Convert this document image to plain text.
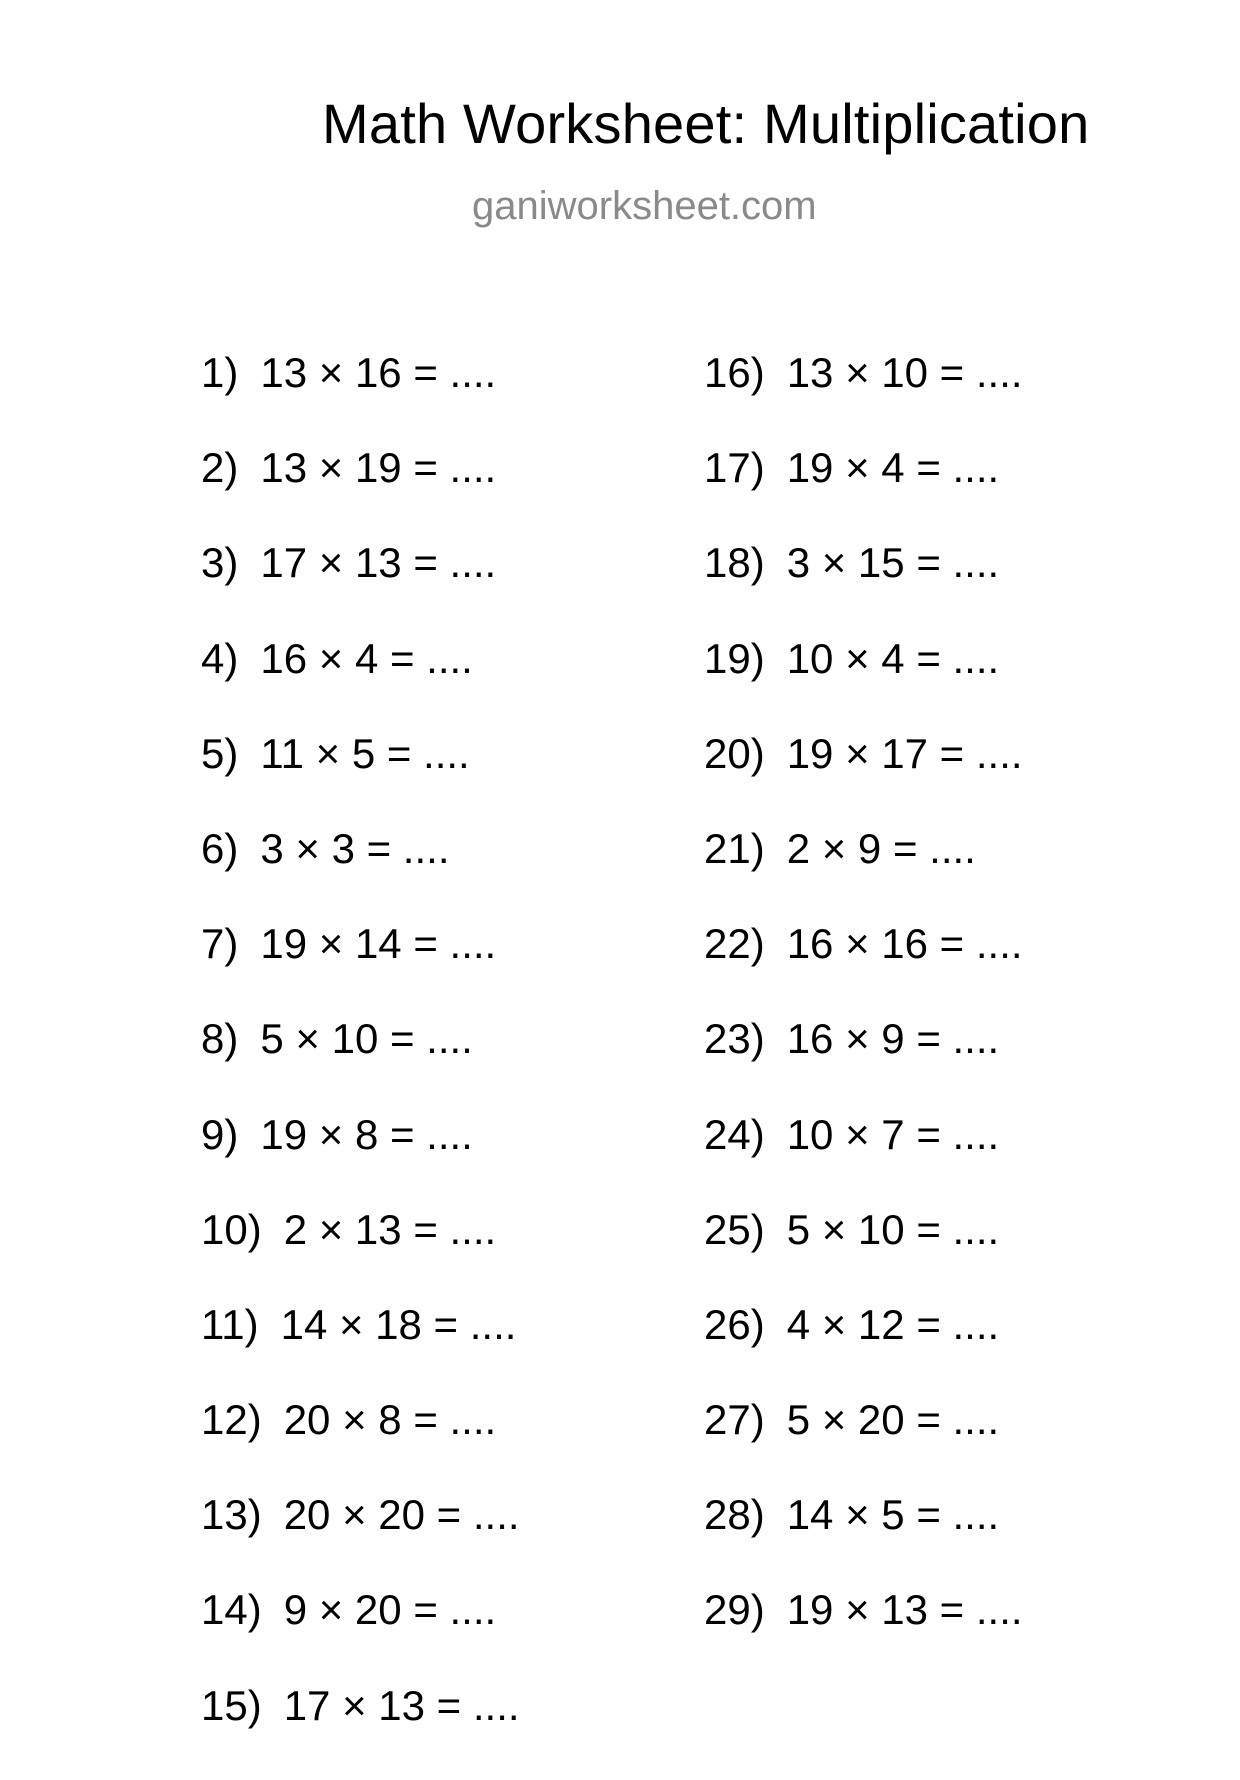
Math Worksheet: Multiplication
ganiworksheet.com
1) 13 × 16 = ....
2) 13 × 19 = ....
3) 17 × 13 = ....
4) 16 × 4 = ....
5) 11 × 5 = ....
6) 3 × 3 = ....
7) 19 × 14 = ....
8) 5 × 10 = ....
9) 19 × 8 = ....
10) 2 × 13 = ....
11) 14 × 18 = ....
12) 20 × 8 = ....
13) 20 × 20 = ....
14) 9 × 20 = ....
15) 17 × 13 = ....
16) 13 × 10 = ....
17) 19 × 4 = ....
18) 3 × 15 = ....
19) 10 × 4 = ....
20) 19 × 17 = ....
21) 2 × 9 = ....
22) 16 × 16 = ....
23) 16 × 9 = ....
24) 10 × 7 = ....
25) 5 × 10 = ....
26) 4 × 12 = ....
27) 5 × 20 = ....
28) 14 × 5 = ....
29) 19 × 13 = ....
